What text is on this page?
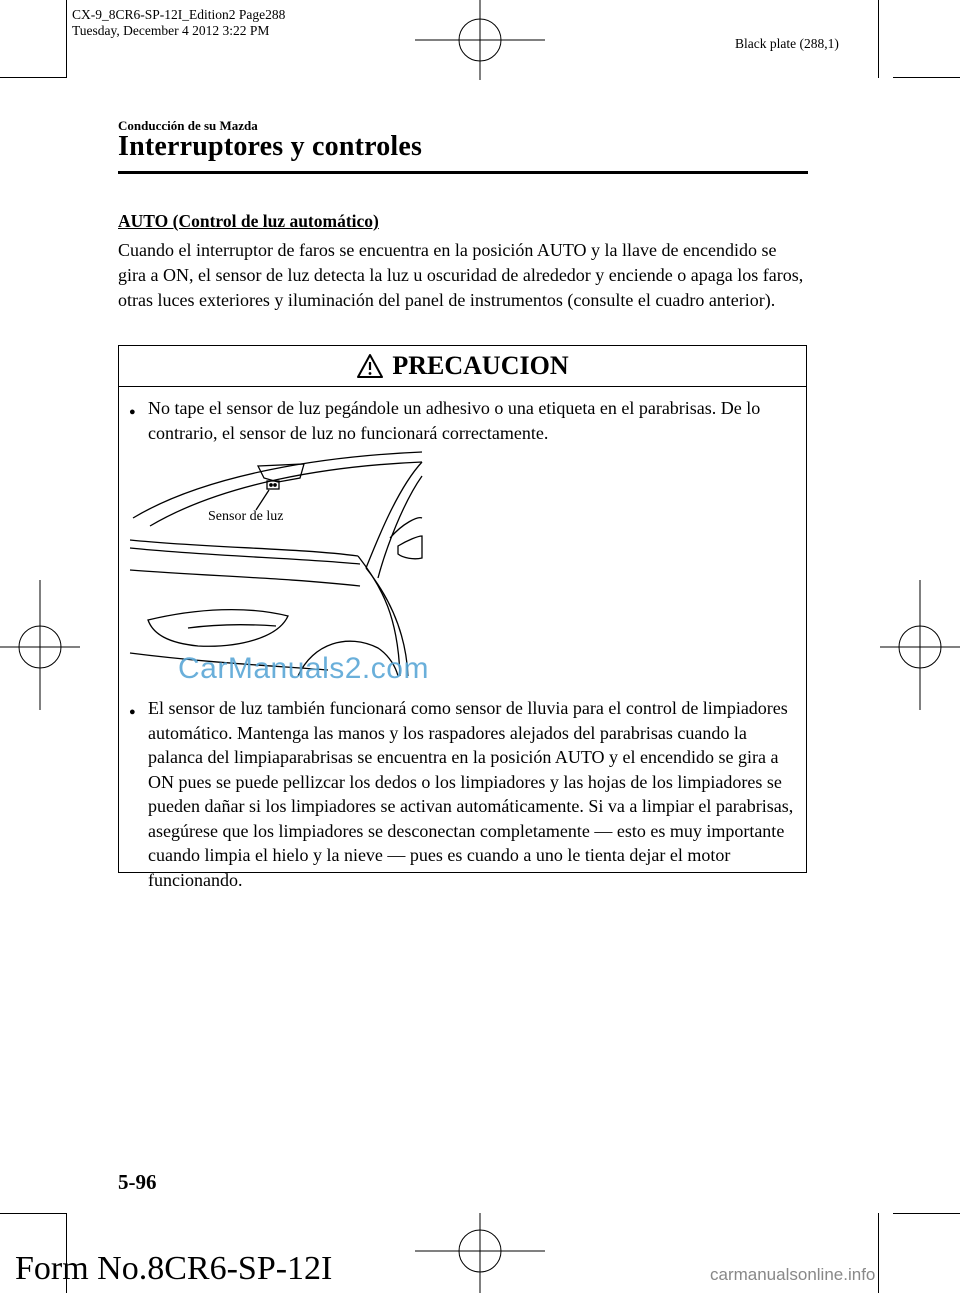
CX-9_8CR6-SP-12I_Edition2 Page288
Tuesday, December 4 2012 3:22 PM
Black plate (288,1)
Conducción de su Mazda
Interruptores y controles
AUTO (Control de luz automático)
Cuando el interruptor de faros se encuentra en la posición AUTO y la llave de encendido se gira a ON, el sensor de luz detecta la luz u oscuridad de alrededor y enciende o apaga los faros, otras luces exteriores y iluminación del panel de instrumentos (consulte el cuadro anterior).
PRECAUCION
● No tape el sensor de luz pegándole un adhesivo o una etiqueta en el parabrisas. De lo contrario, el sensor de luz no funcionará correctamente.
● El sensor de luz también funcionará como sensor de lluvia para el control de limpiadores automático. Mantenga las manos y los raspadores alejados del parabrisas cuando la palanca del limpiaparabrisas se encuentra en la posición AUTO y el encendido se gira a ON pues se puede pellizcar los dedos o los limpiadores y las hojas de los limpiadores se pueden dañar si los limpiadores se activan automáticamente. Si va a limpiar el parabrisas, asegúrese que los limpiadores se desconectan completamente ― esto es muy importante cuando limpia el hielo y la nieve ― pues es cuando a uno le tienta dejar el motor funcionando.
Sensor de luz
CarManuals2.com
5-96
Form No.8CR6-SP-12I	carmanualsonline.info
